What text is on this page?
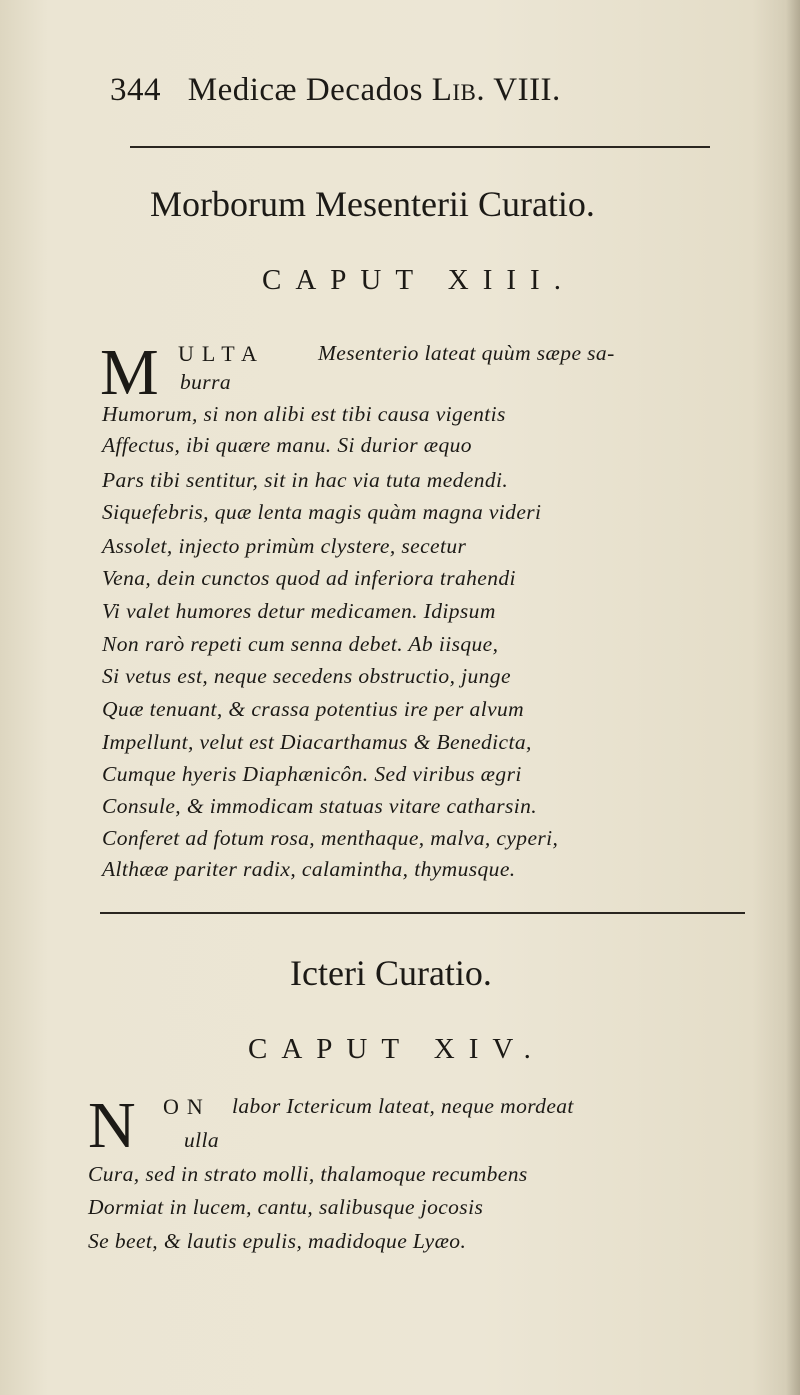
344 Medicæ Decados Lib. VIII.
Morborum Mesenterii Curatio.
CAPUT XIII.
M ULTA Mesenterio lateat quùm sæpe sa-
burra
Humorum, si non alibi est tibi causa vigentis
Affectus, ibi quære manu. Si durior æquo
Pars tibi sentitur, sit in hac via tuta medendi.
Siquefebris, quæ lenta magis quàm magna videri
Assolet, injecto primùm clystere, secetur
Vena, dein cunctos quod ad inferiora trahendi
Vi valet humores detur medicamen. Idipsum
Non rarò repeti cum senna debet. Ab iisque,
Si vetus est, neque secedens obstructio, junge
Quæ tenuant, & crassa potentius ire per alvum
Impellunt, velut est Diacarthamus & Benedicta,
Cumque hyeris Diaphænicôn. Sed viribus ægri
Consule, & immodicam statuas vitare catharsin.
Conferet ad fotum rosa, menthaque, malva, cyperi,
Althææ pariter radix, calamintha, thymusque.
Icteri Curatio.
CAPUT XIV.
N ON labor Ictericum lateat, neque mordeat
ulla
Cura, sed in strato molli, thalamoque recumbens
Dormiat in lucem, cantu, salibusque jocosis
Se beet, & lautis epulis, madidoque Lyæo.
